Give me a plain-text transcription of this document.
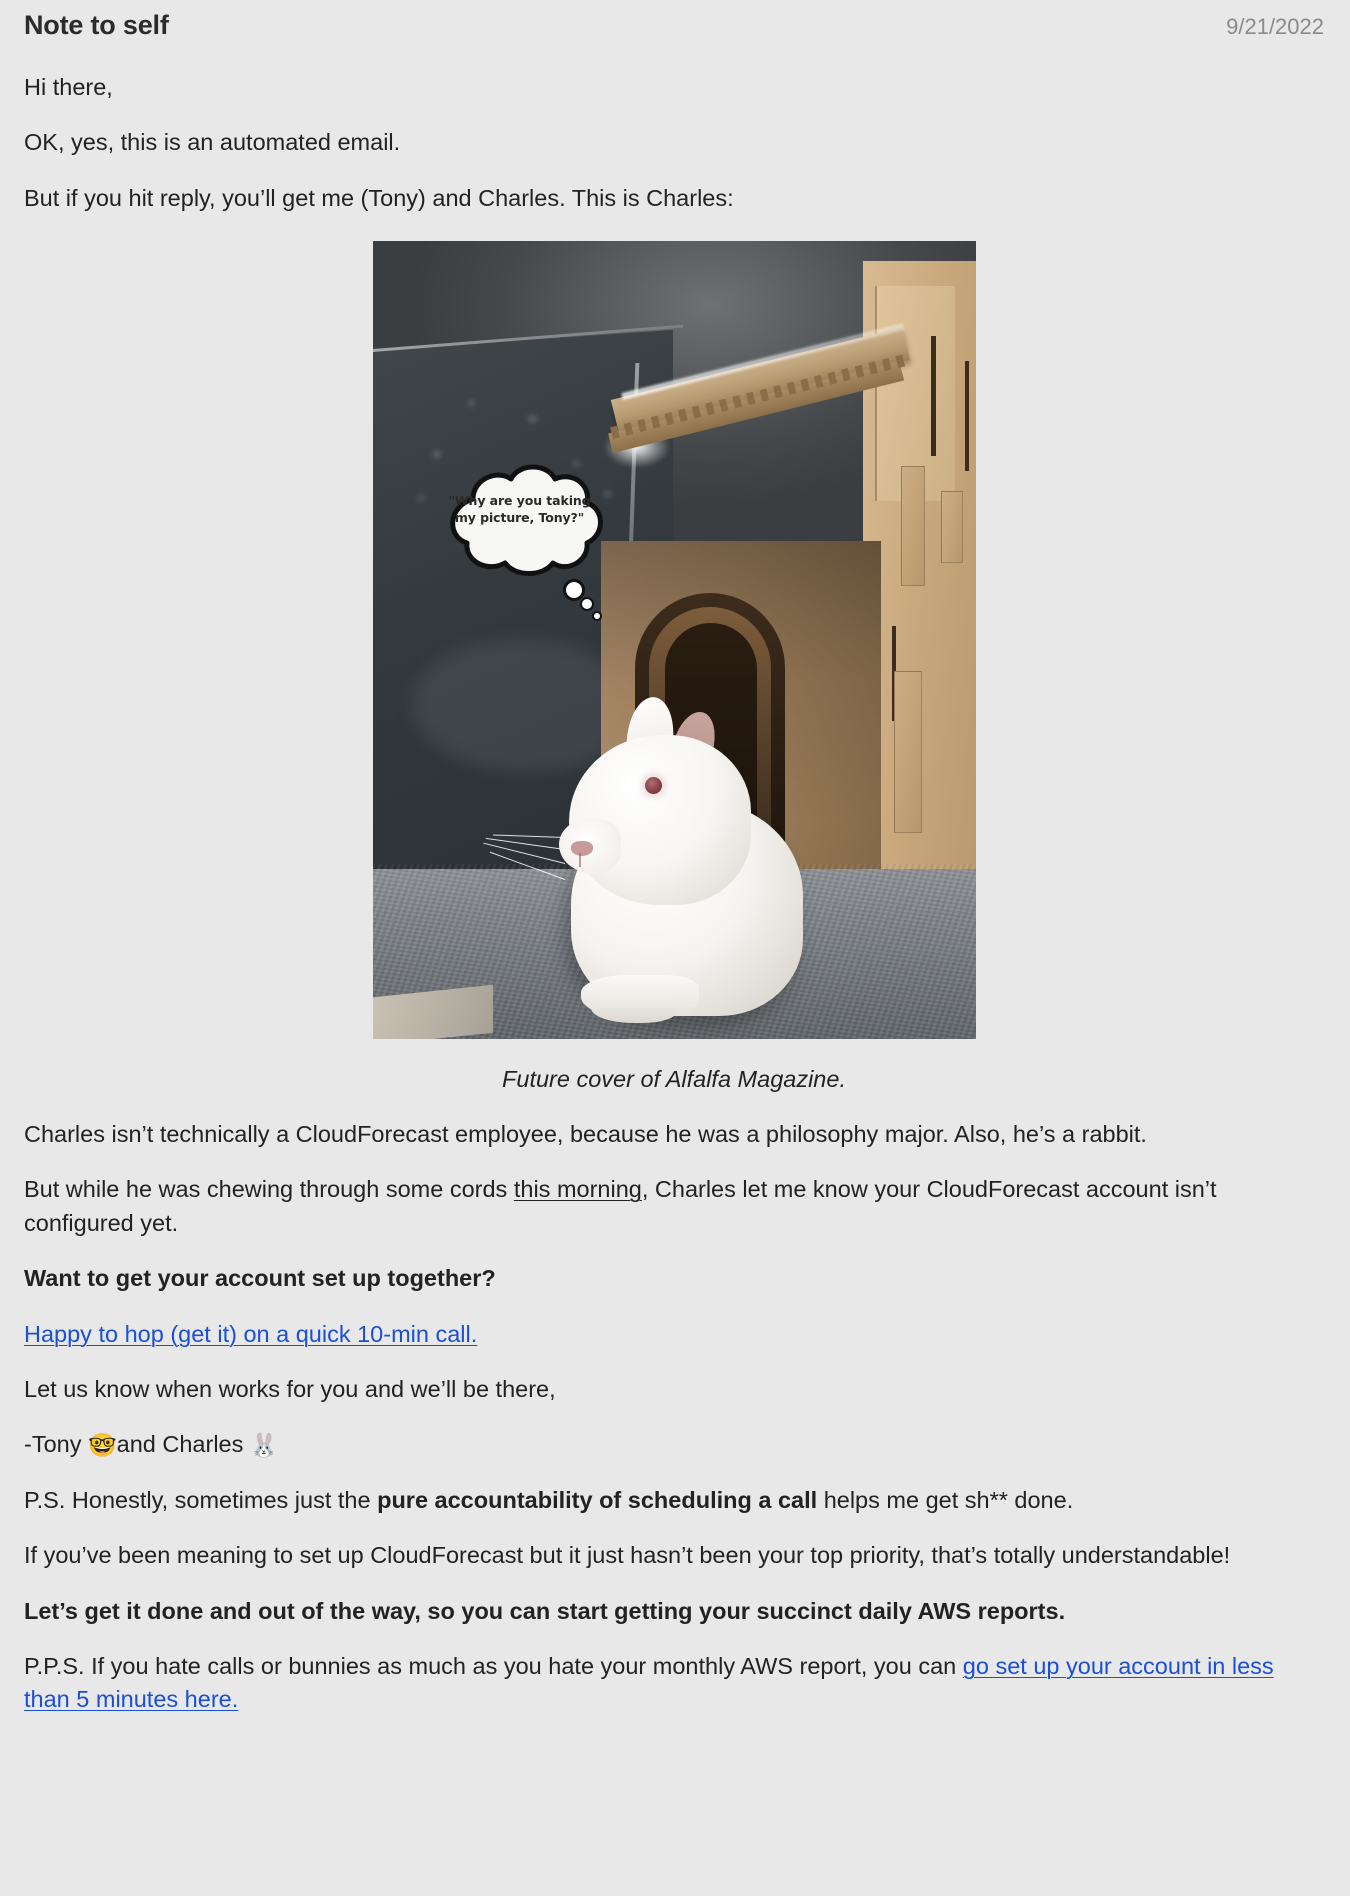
Note to self	9/21/2022

Hi there,

OK, yes, this is an automated email.

But if you hit reply, you’ll get me (Tony) and Charles. This is Charles:

"Why are you taking
my picture, Tony?"
Future cover of Alfalfa Magazine.

Charles isn’t technically a CloudForecast employee, because he was a philosophy major. Also, he’s a rabbit.

But while he was chewing through some cords this morning, Charles let me know your CloudForecast account isn’t configured yet.

Want to get your account set up together?

Happy to hop (get it) on a quick 10-min call.

Let us know when works for you and we’ll be there,

-Tony 🤓and Charles 🐰

P.S. Honestly, sometimes just the pure accountability of scheduling a call helps me get sh** done.

If you’ve been meaning to set up CloudForecast but it just hasn’t been your top priority, that’s totally understandable!

Let’s get it done and out of the way, so you can start getting your succinct daily AWS reports.

P.P.S. If you hate calls or bunnies as much as you hate your monthly AWS report, you can go set up your account in less than 5 minutes here.
